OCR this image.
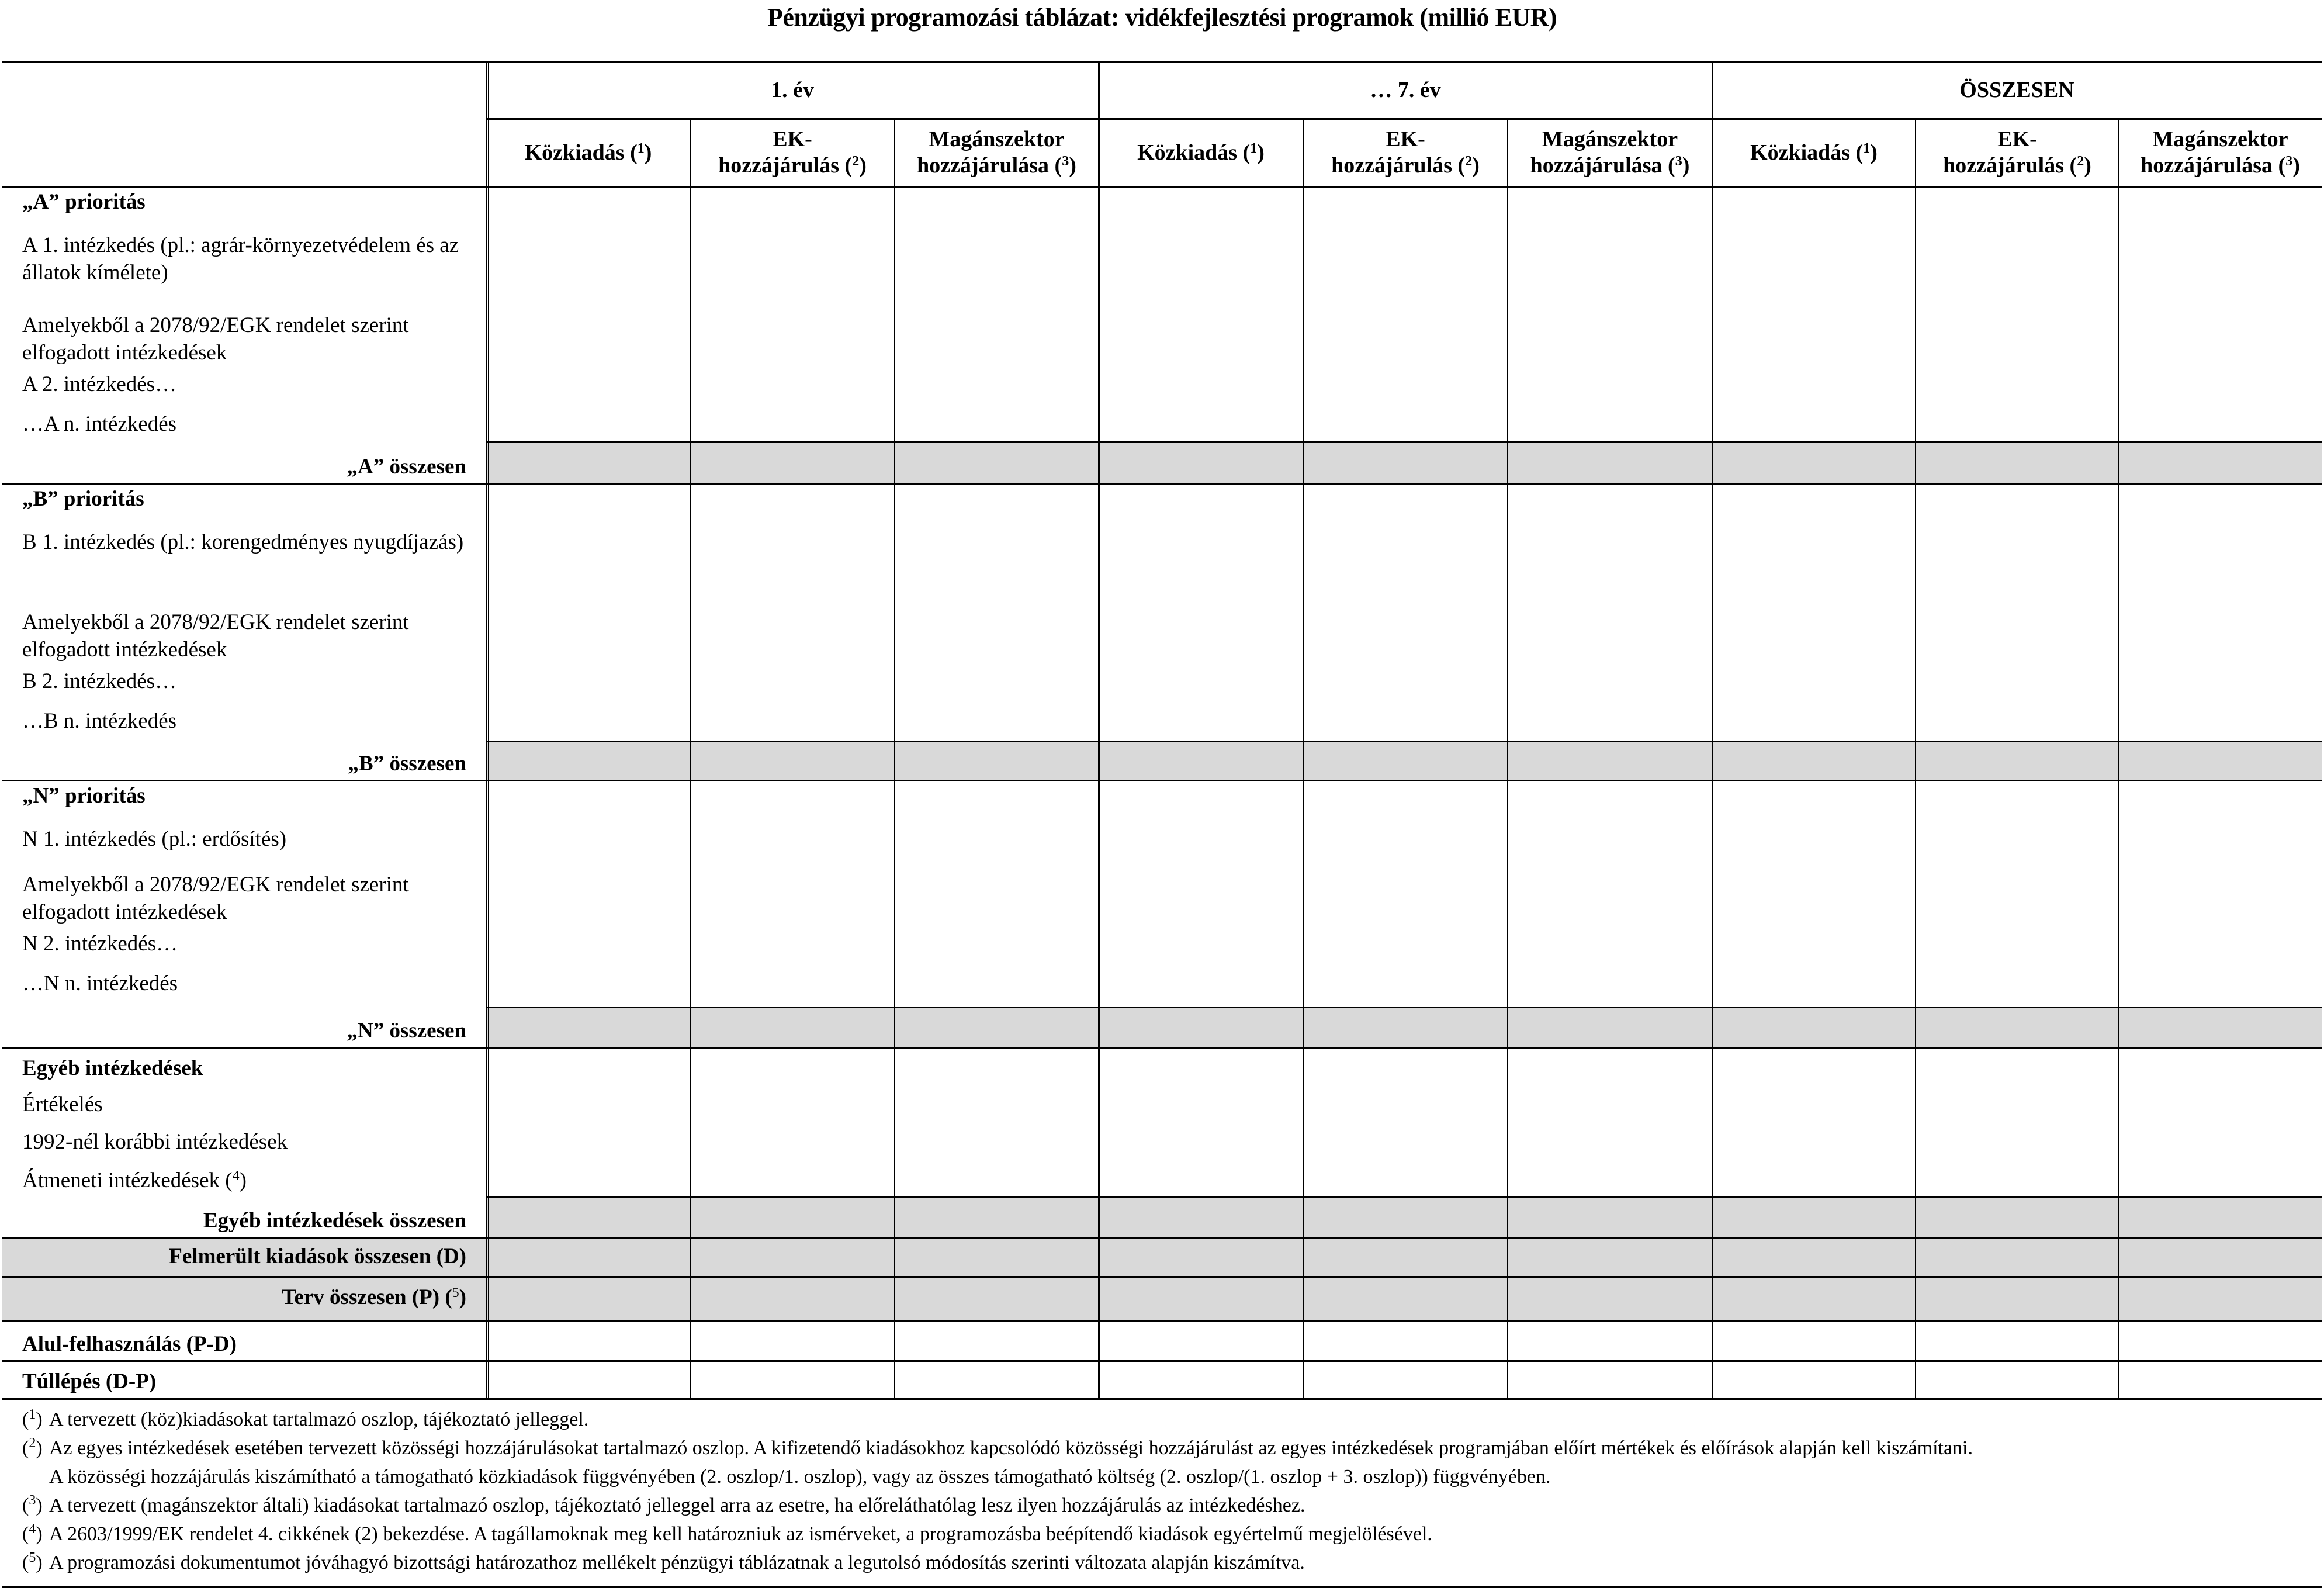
Pénzügyi programozási táblázat: vidékfejlesztési programok (millió EUR)
1. év	… 7. év	ÖSSZESEN
Közkiadás ($^1$)
EK-
hozzájárulás ($^2$)
Magánszektor
hozzájárulása ($^3$)
Közkiadás ($^1$)
EK-
hozzájárulás ($^2$)
Magánszektor
hozzájárulása ($^3$)
Közkiadás ($^1$)
EK-
hozzájárulás ($^2$)
Magánszektor
hozzájárulása ($^3$)
„A” prioritás
A 1. intézkedés (pl.: agrár-környezetvédelem és az állatok kímélete)
Amelyekből a 2078/92/EGK rendelet szerint elfogadott intézkedések
A 2. intézkedés…
…A n. intézkedés
„A” összesen
„B” prioritás
B 1. intézkedés (pl.: korengedményes nyugdíjazás)
Amelyekből a 2078/92/EGK rendelet szerint elfogadott intézkedések
B 2. intézkedés…
…B n. intézkedés
„B” összesen
„N” prioritás
N 1. intézkedés (pl.: erdősítés)
Amelyekből a 2078/92/EGK rendelet szerint elfogadott intézkedések
N 2. intézkedés…
…N n. intézkedés
„N” összesen
Egyéb intézkedések
Értékelés
1992-nél korábbi intézkedések
Átmeneti intézkedések ($^4$)
Egyéb intézkedések összesen
Felmerült kiadások összesen (D)
Terv összesen (P) ($^5$)
Alul-felhasználás (P-D)
Túllépés (D-P)
($^1$) A tervezett (köz)kiadásokat tartalmazó oszlop, tájékoztató jelleggel.
($^2$) Az egyes intézkedések esetében tervezett közösségi hozzájárulásokat tartalmazó oszlop. A kifizetendő kiadásokhoz kapcsolódó közösségi hozzájárulást az egyes intézkedések programjában előírt mértékek és előírások alapján kell kiszámítani.
A közösségi hozzájárulás kiszámítható a támogatható közkiadások függvényében (2. oszlop/1. oszlop), vagy az összes támogatható költség (2. oszlop/(1. oszlop + 3. oszlop)) függvényében.
($^3$) A tervezett (magánszektor általi) kiadásokat tartalmazó oszlop, tájékoztató jelleggel arra az esetre, ha előreláthatólag lesz ilyen hozzájárulás az intézkedéshez.
($^4$) A 2603/1999/EK rendelet 4. cikkének (2) bekezdése. A tagállamoknak meg kell határozniuk az ismérveket, a programozásba beépítendő kiadások egyértelmű megjelölésével.
($^5$) A programozási dokumentumot jóváhagyó bizottsági határozathoz mellékelt pénzügyi táblázatnak a legutolsó módosítás szerinti változata alapján kiszámítva.
